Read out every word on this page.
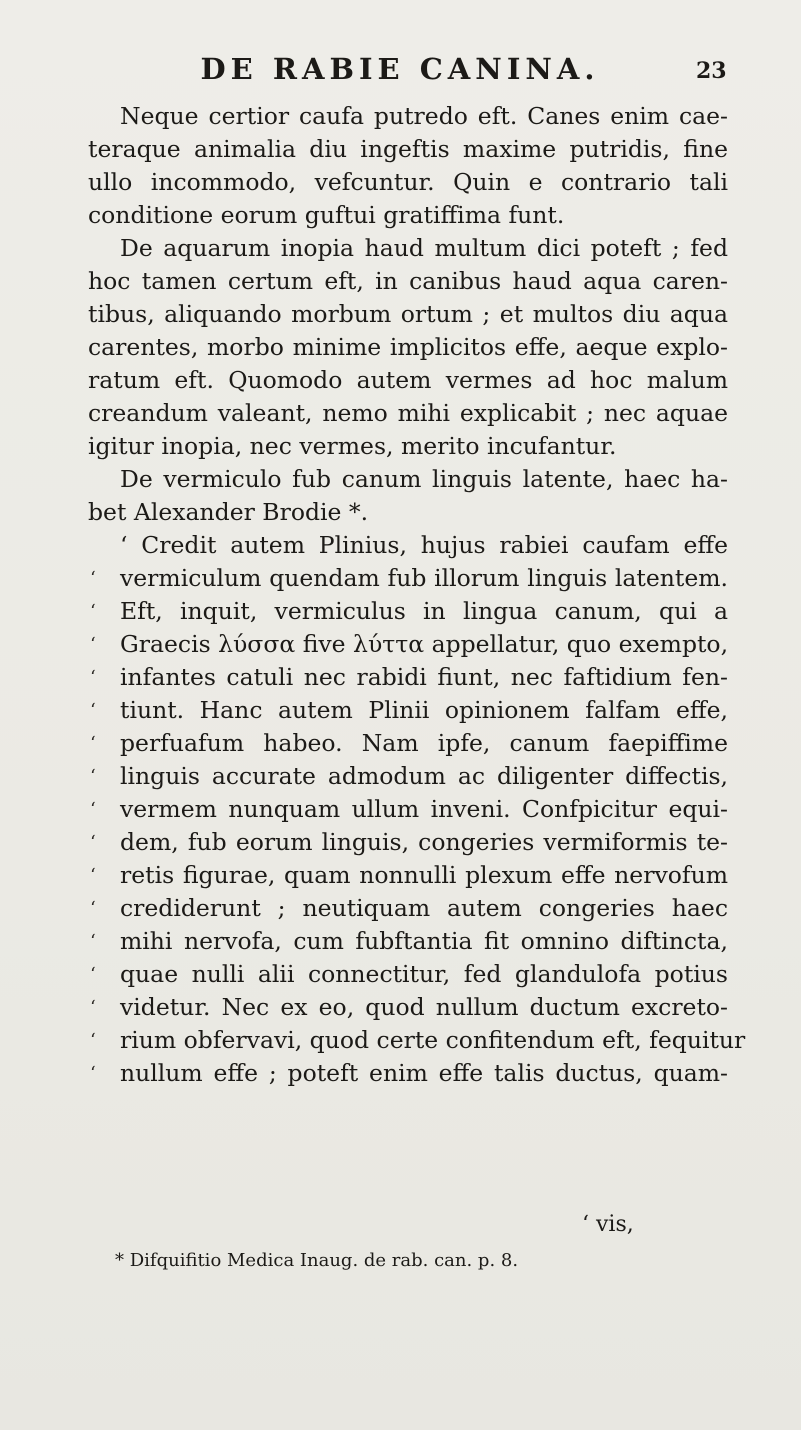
DE RABIE CANINA.	23
Neque certior caufa putredo eft. Canes enim cae-
teraque animalia diu ingeftis maxime putridis, fine
ullo incommodo, vefcuntur. Quin e contrario tali
conditione eorum guftui gratiffima funt.
De aquarum inopia haud multum dici poteft ; fed
hoc tamen certum eft, in canibus haud aqua caren-
tibus, aliquando morbum ortum ; et multos diu aqua
carentes, morbo minime implicitos effe, aeque explo-
ratum eft. Quomodo autem vermes ad hoc malum
creandum valeant, nemo mihi explicabit ; nec aquae
igitur inopia, nec vermes, merito incufantur.
De vermiculo fub canum linguis latente, haec ha-
bet Alexander Brodie *.
‘ Credit autem Plinius, hujus rabiei caufam effe
‘ vermiculum quendam fub illorum linguis latentem.
‘ Eft, inquit, vermiculus in lingua canum, qui a
‘ Graecis λύσσα five λύττα appellatur, quo exempto,
‘ infantes catuli nec rabidi fiunt, nec faftidium fen-
‘ tiunt. Hanc autem Plinii opinionem falfam effe,
‘ perfuafum habeo. Nam ipfe, canum faepiffime
‘ linguis accurate admodum ac diligenter diffectis,
‘ vermem nunquam ullum inveni. Confpicitur equi-
‘ dem, fub eorum linguis, congeries vermiformis te-
‘ retis figurae, quam nonnulli plexum effe nervofum
‘ crediderunt ; neutiquam autem congeries haec
‘ mihi nervofa, cum fubftantia fit omnino diftincta,
‘ quae nulli alii connectitur, fed glandulofa potius
‘ videtur. Nec ex eo, quod nullum ductum excreto-
‘ rium obfervavi, quod certe confitendum eft, fequitur
‘ nullum effe ; poteft enim effe talis ductus, quam-
‘ vis,
* Difquifitio Medica Inaug. de rab. can. p. 8.
